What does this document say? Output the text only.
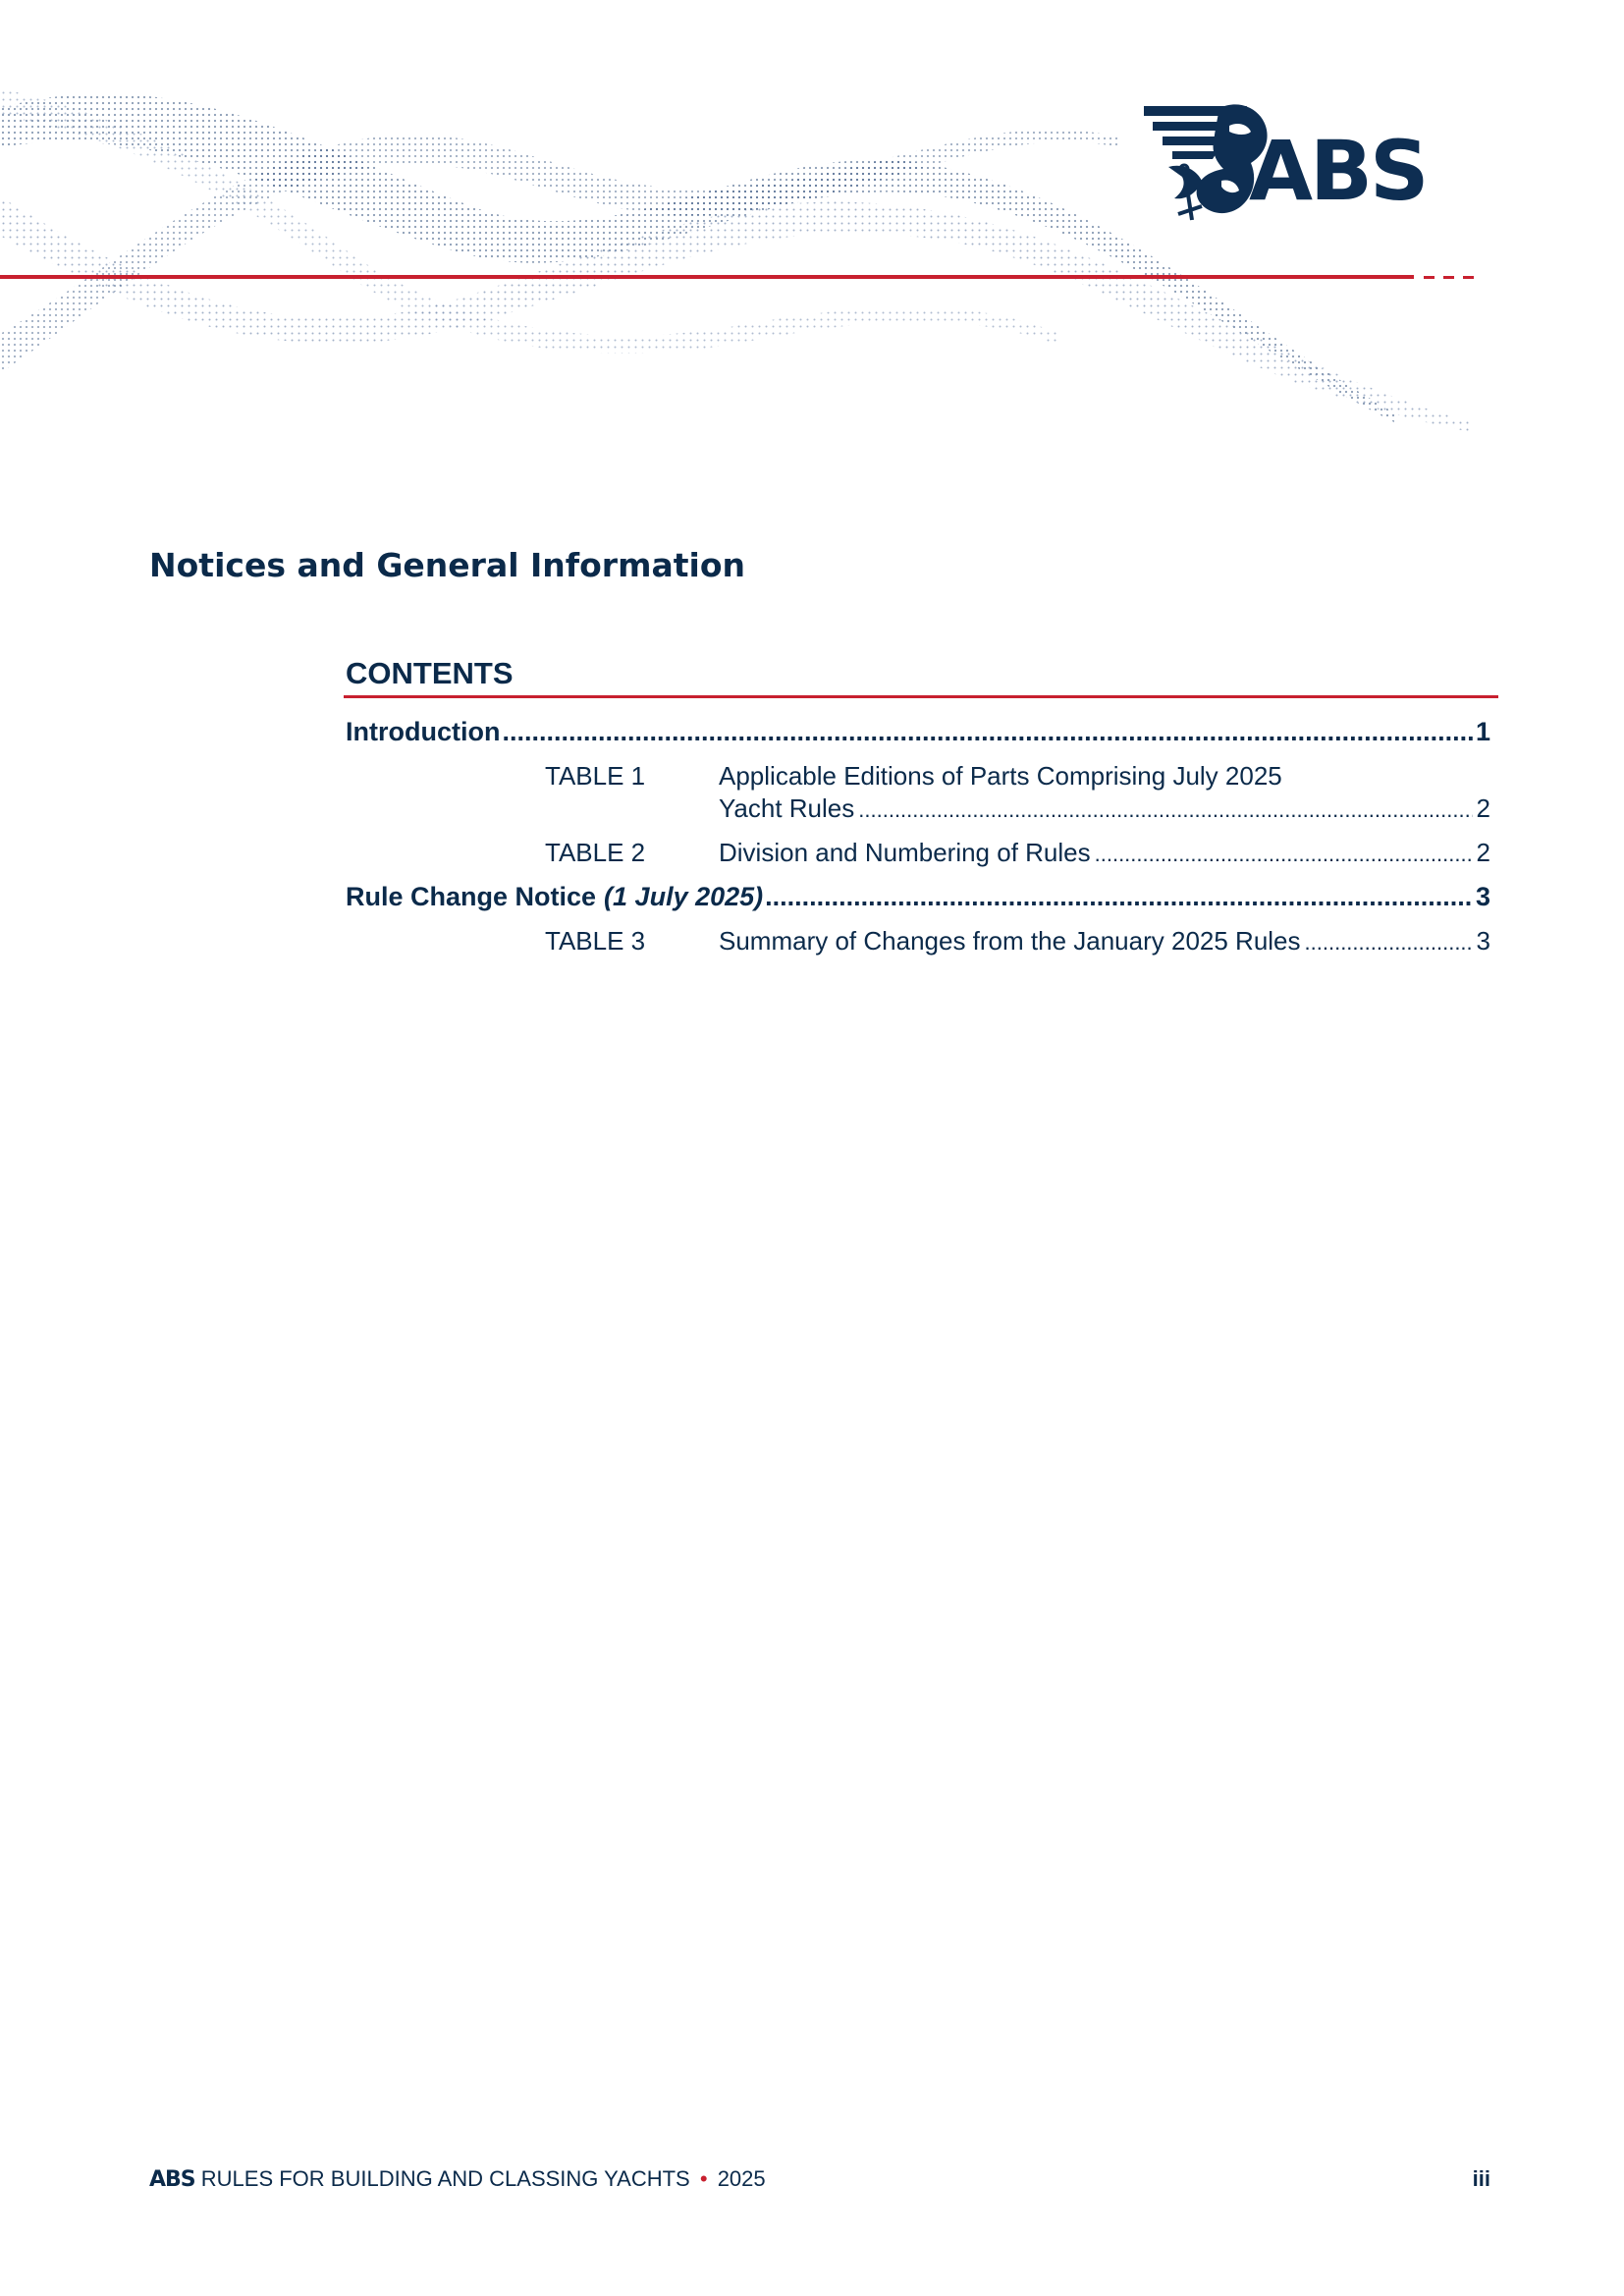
ABS
Notices and General Information
CONTENTS
Introduction .....	1
TABLE 1	Applicable Editions of Parts Comprising July 2025
Yacht Rules .....	2
TABLE 2	Division and Numbering of Rules .....	2
Rule Change Notice (1 July 2025) .....	3
TABLE 3	Summary of Changes from the January 2025 Rules .....	3
ABS RULES FOR BUILDING AND CLASSING YACHTS • 2025	iii
